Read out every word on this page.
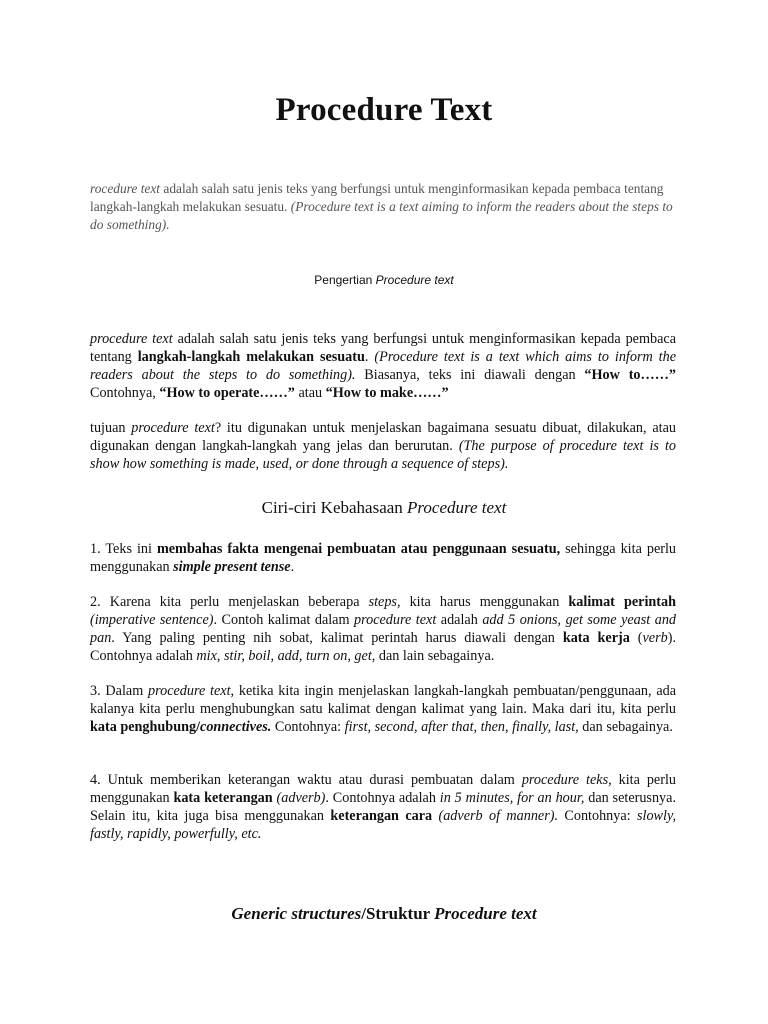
Procedure Text
rocedure text adalah salah satu jenis teks yang berfungsi untuk menginformasikan kepada pembaca tentang langkah-langkah melakukan sesuatu. (Procedure text is a text aiming to inform the readers about the steps to do something).
Pengertian Procedure text
procedure text adalah salah satu jenis teks yang berfungsi untuk menginformasikan kepada pembaca tentang langkah-langkah melakukan sesuatu. (Procedure text is a text which aims to inform the readers about the steps to do something). Biasanya, teks ini diawali dengan “How to……” Contohnya, “How to operate……” atau “How to make……”
tujuan procedure text? itu digunakan untuk menjelaskan bagaimana sesuatu dibuat, dilakukan, atau digunakan dengan langkah-langkah yang jelas dan berurutan. (The purpose of procedure text is to show how something is made, used, or done through a sequence of steps).
Ciri-ciri Kebahasaan Procedure text
1. Teks ini membahas fakta mengenai pembuatan atau penggunaan sesuatu, sehingga kita perlu menggunakan simple present tense.
2. Karena kita perlu menjelaskan beberapa steps, kita harus menggunakan kalimat perintah (imperative sentence). Contoh kalimat dalam procedure text adalah add 5 onions, get some yeast and pan. Yang paling penting nih sobat, kalimat perintah harus diawali dengan kata kerja (verb). Contohnya adalah mix, stir, boil, add, turn on, get, dan lain sebagainya.
3. Dalam procedure text, ketika kita ingin menjelaskan langkah-langkah pembuatan/penggunaan, ada kalanya kita perlu menghubungkan satu kalimat dengan kalimat yang lain. Maka dari itu, kita perlu kata penghubung/connectives. Contohnya: first, second, after that, then, finally, last, dan sebagainya.
4. Untuk memberikan keterangan waktu atau durasi pembuatan dalam procedure teks, kita perlu menggunakan kata keterangan (adverb). Contohnya adalah in 5 minutes, for an hour, dan seterusnya. Selain itu, kita juga bisa menggunakan keterangan cara (adverb of manner). Contohnya: slowly, fastly, rapidly, powerfully, etc.
Generic structures/Struktur Procedure text
